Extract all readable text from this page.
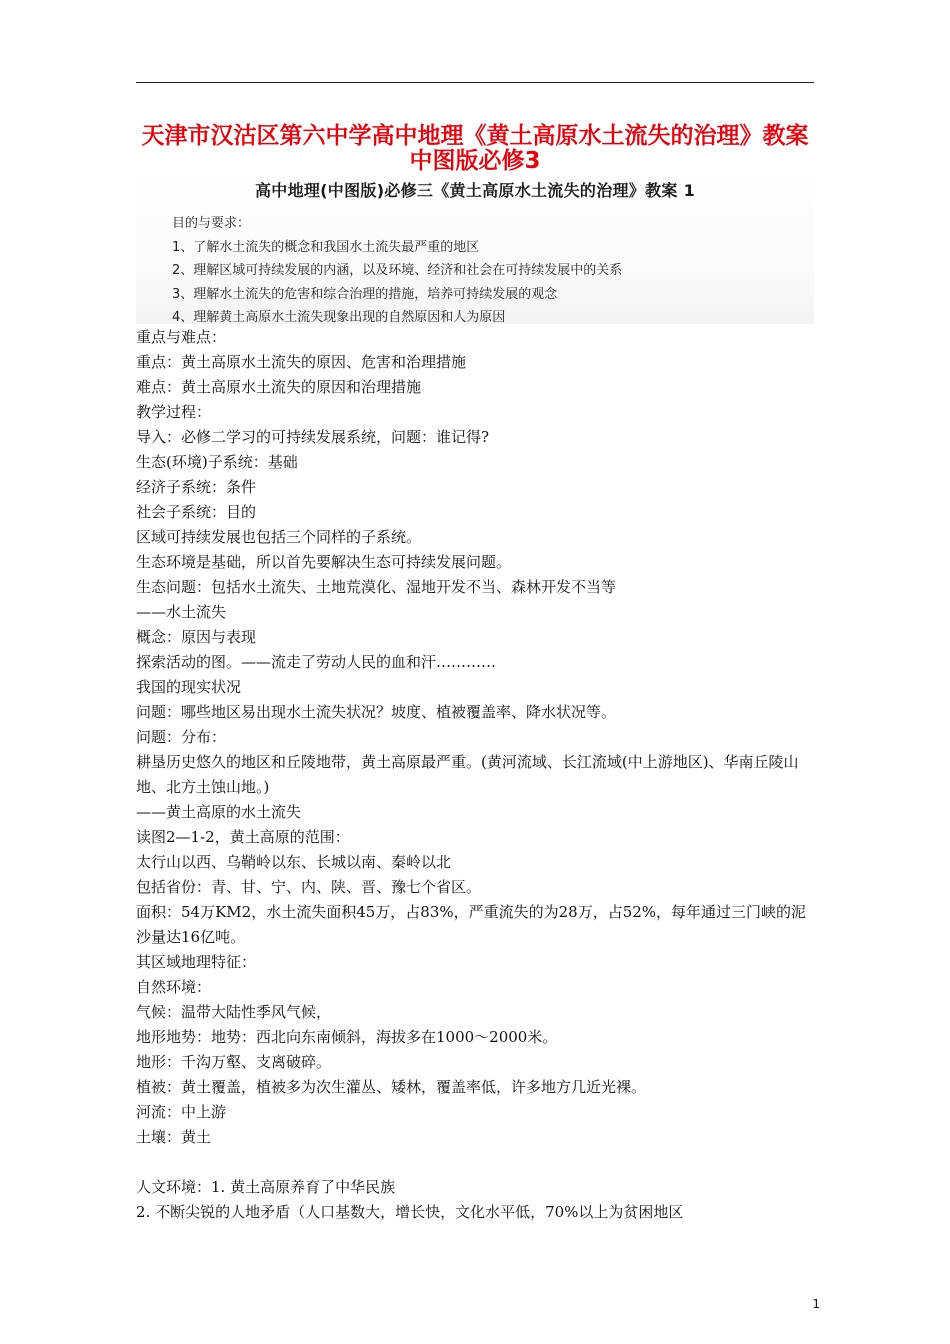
天津市汉沽区第六中学高中地理《黄土高原水土流失的治理》教案 中图版必修3
高中地理(中图版)必修三《黄土高原水土流失的治理》教案 1
目的与要求：
1、了解水土流失的概念和我国水土流失最严重的地区
2、理解区域可持续发展的内涵，以及环境、经济和社会在可持续发展中的关系
3、理解水土流失的危害和综合治理的措施，培养可持续发展的观念
4、理解黄土高原水土流失现象出现的自然原因和人为原因

重点与难点：

重点：黄土高原水土流失的原因、危害和治理措施

难点：黄土高原水土流失的原因和治理措施

教学过程：

导入：必修二学习的可持续发展系统，问题：谁记得?

生态(环境)子系统：基础

经济子系统：条件

社会子系统：目的

区域可持续发展也包括三个同样的子系统。

生态环境是基础，所以首先要解决生态可持续发展问题。

生态问题：包括水土流失、土地荒漠化、湿地开发不当、森林开发不当等

——水土流失

概念：原因与表现

探索活动的图。——流走了劳动人民的血和汗…………

我国的现实状况

问题：哪些地区易出现水土流失状况？坡度、植被覆盖率、降水状况等。

问题：分布：

耕垦历史悠久的地区和丘陵地带，黄土高原最严重。(黄河流域、长江流域(中上游地区)、华南丘陵山地、北方土蚀山地。)

——黄土高原的水土流失

读图2—1-2，黄土高原的范围：

太行山以西、乌鞘岭以东、长城以南、秦岭以北

包括省份：青、甘、宁、内、陕、晋、豫七个省区。

面积：54万KM2，水土流失面积45万，占83%，严重流失的为28万，占52%，每年通过三门峡的泥沙量达16亿吨。

其区域地理特征：

自然环境：

气候：温带大陆性季风气候，

地形地势：地势：西北向东南倾斜，海拔多在1000～2000米。

地形：千沟万壑、支离破碎。

植被：黄土覆盖，植被多为次生灌丛、矮林，覆盖率低，许多地方几近光裸。

河流：中上游

土壤：黄土

人文环境：1. 黄土高原养育了中华民族

2. 不断尖锐的人地矛盾（人口基数大，增长快，文化水平低，70%以上为贫困地区

1
